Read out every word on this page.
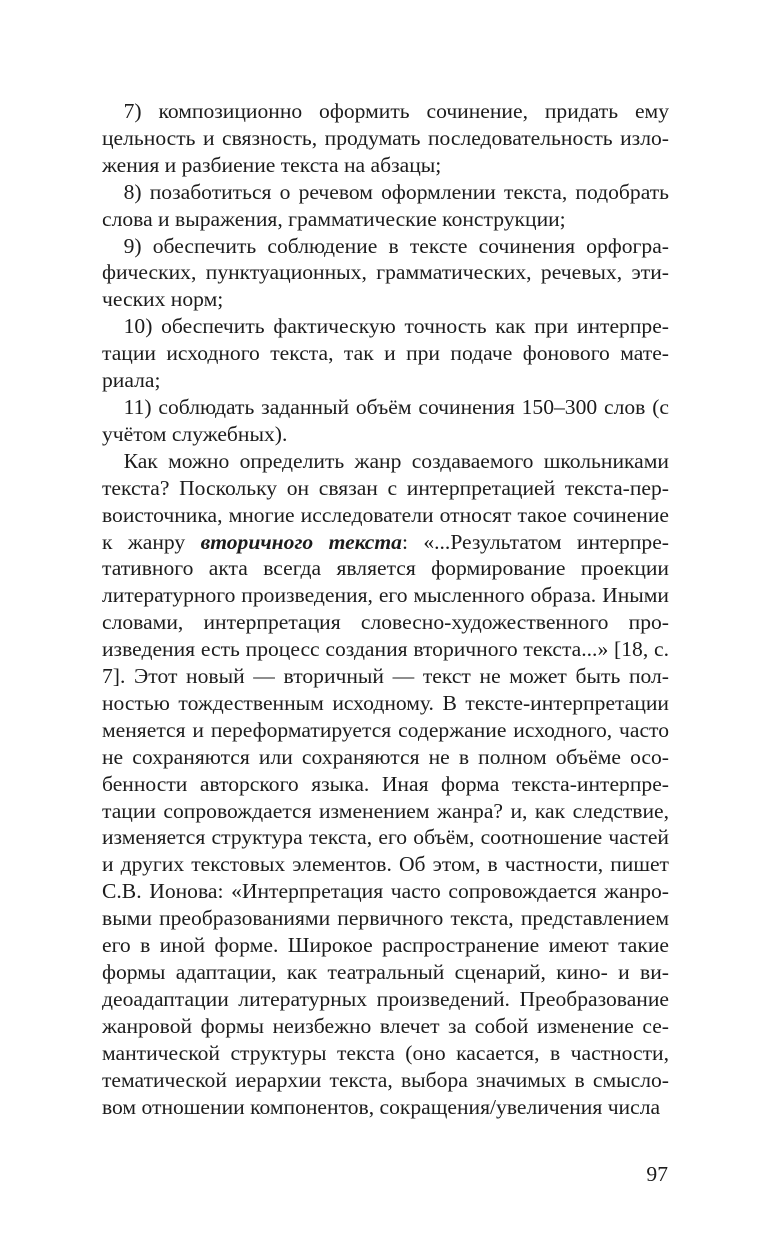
7) композиционно оформить сочинение, придать ему цельность и связность, продумать последовательность изложения и разбиение текста на абзацы;

8) позаботиться о речевом оформлении текста, подобрать слова и выражения, грамматические конструкции;

9) обеспечить соблюдение в тексте сочинения орфографических, пунктуационных, грамматических, речевых, этических норм;

10) обеспечить фактическую точность как при интерпретации исходного текста, так и при подаче фонового материала;

11) соблюдать заданный объём сочинения 150–300 слов (с учётом служебных).

Как можно определить жанр создаваемого школьниками текста? Поскольку он связан с интерпретацией текста-первоисточника, многие исследователи относят такое сочинение к жанру вторичного текста: «...Результатом интерпретативного акта всегда является формирование проекции литературного произведения, его мысленного образа. Иными словами, интерпретация словесно-художественного произведения есть процесс создания вторичного текста...» [18, с. 7]. Этот новый — вторичный — текст не может быть полностью тождественным исходному. В тексте-интерпретации меняется и переформатируется содержание исходного, часто не сохраняются или сохраняются не в полном объёме особенности авторского языка. Иная форма текста-интерпретации сопровождается изменением жанра? и, как следствие, изменяется структура текста, его объём, соотношение частей и других текстовых элементов. Об этом, в частности, пишет С.В. Ионова: «Интерпретация часто сопровождается жанровыми преобразованиями первичного текста, представлением его в иной форме. Широкое распространение имеют такие формы адаптации, как театральный сценарий, кино- и видеоадаптации литературных произведений. Преобразование жанровой формы неизбежно влечет за собой изменение семантической структуры текста (оно касается, в частности, тематической иерархии текста, выбора значимых в смысловом отношении компонентов, сокращения/увеличения числа

97
